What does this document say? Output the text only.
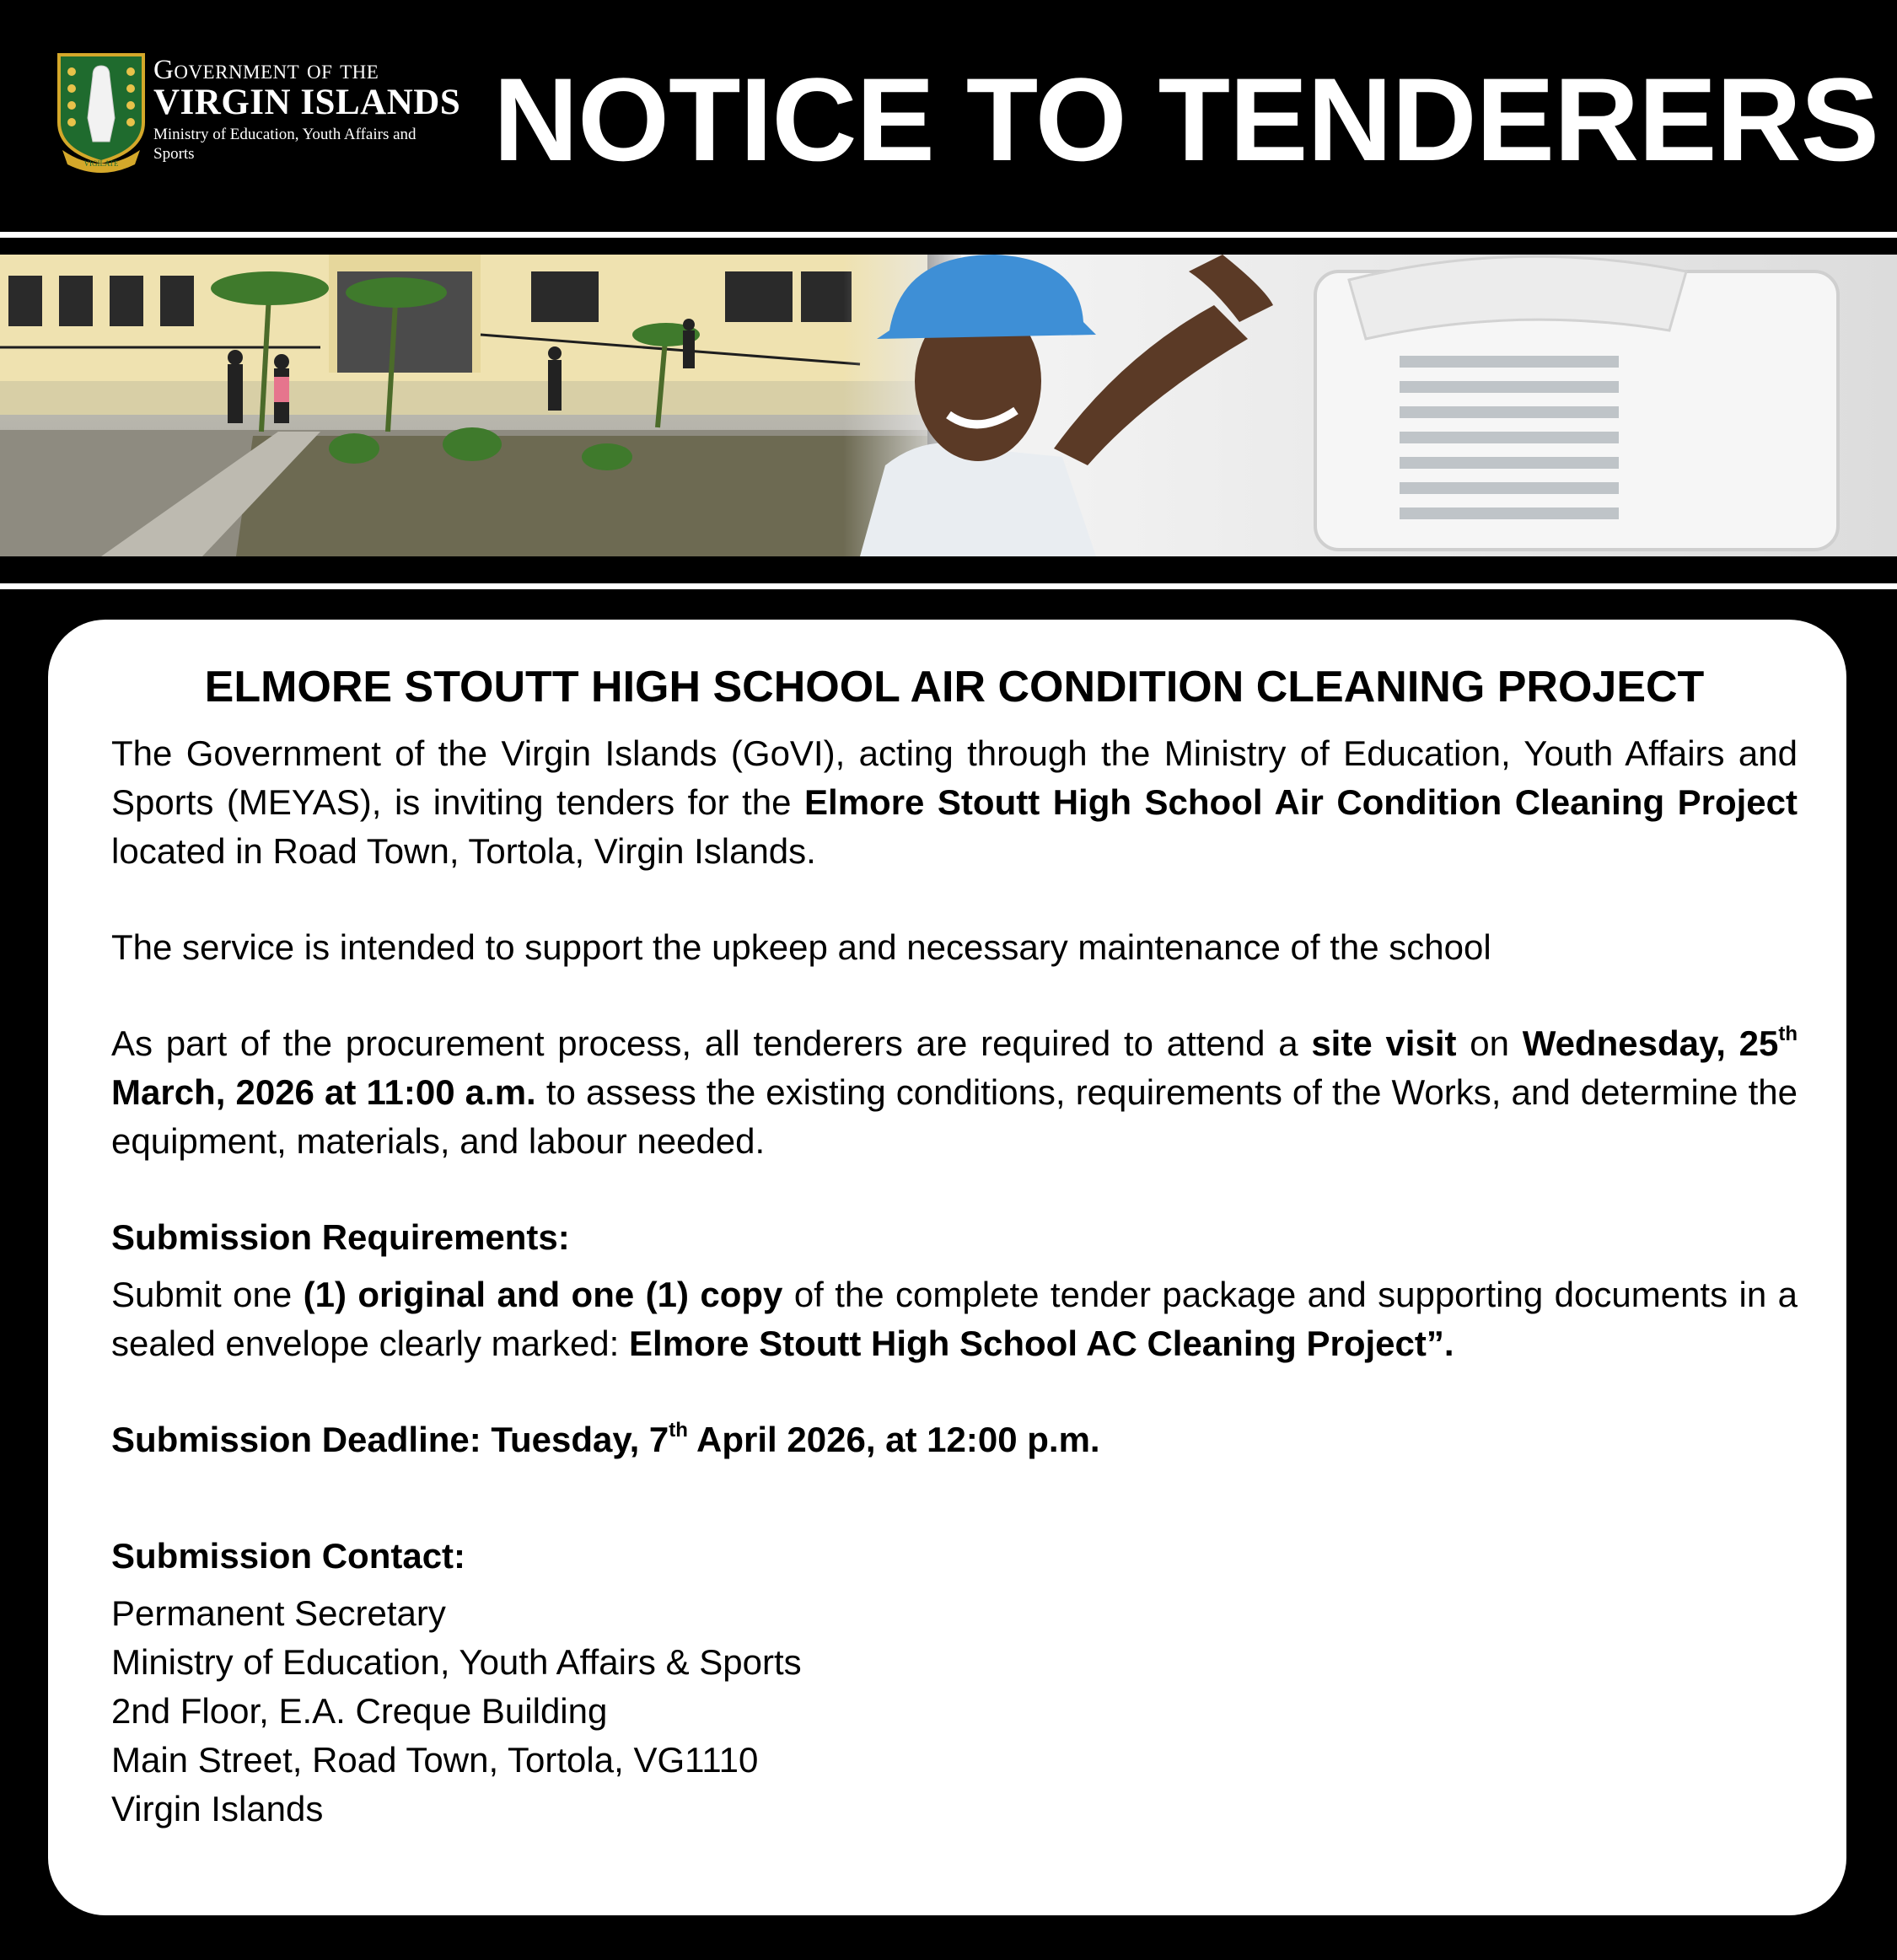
VIGILATE
Government of the
VIRGIN ISLANDS
Ministry of Education, Youth Affairs and Sports	NOTICE TO TENDERERS
ELMORE STOUTT HIGH SCHOOL AIR CONDITION CLEANING PROJECT

The Government of the Virgin Islands (GoVI), acting through the Ministry of Education, Youth Affairs and Sports (MEYAS), is inviting tenders for the Elmore Stoutt High School Air Condition Cleaning Project located in Road Town, Tortola, Virgin Islands.

The service is intended to support the upkeep and necessary maintenance of the school

As part of the procurement process, all tenderers are required to attend a site visit on Wednesday, 25th March, 2026 at 11:00 a.m. to assess the existing conditions, requirements of the Works, and determine the equipment, materials, and labour needed.

Submission Requirements:

Submit one (1) original and one (1) copy of the complete tender package and supporting documents in a sealed envelope clearly marked: Elmore Stoutt High School AC Cleaning Project”.

Submission Deadline: Tuesday, 7th April 2026, at 12:00 p.m.

Submission Contact:

Permanent Secretary

Ministry of Education, Youth Affairs & Sports

2nd Floor, E.A. Creque Building

Main Street, Road Town, Tortola, VG1110

Virgin Islands
